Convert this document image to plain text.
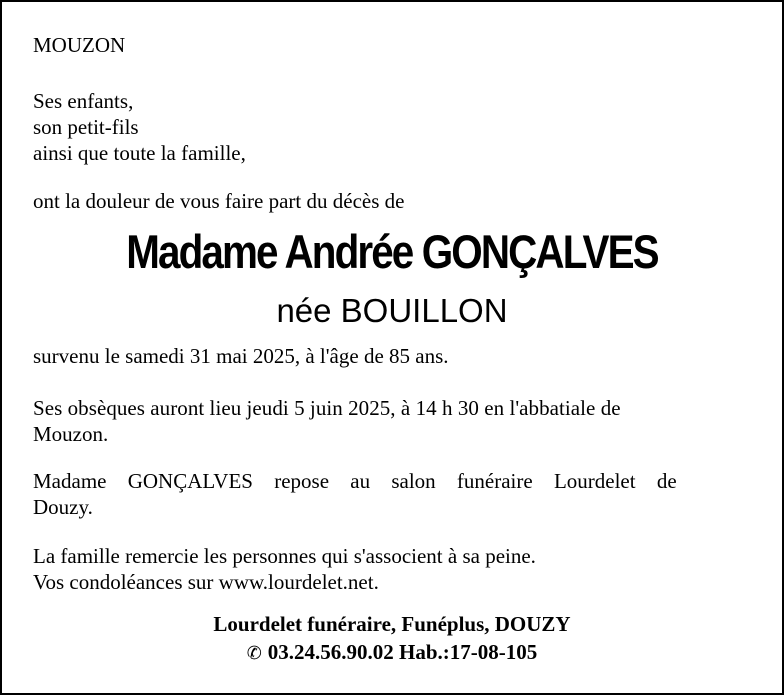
MOUZON
Ses enfants,
son petit-fils
ainsi que toute la famille,
ont la douleur de vous faire part du décès de
Madame Andrée GONÇALVES
née BOUILLON
survenu le samedi 31 mai 2025, à l'âge de 85 ans.
Ses obsèques auront lieu jeudi 5 juin 2025, à 14 h 30 en l'abbatiale de
Mouzon.
Madame GONÇALVES repose au salon funéraire Lourdelet de
Douzy.
La famille remercie les personnes qui s'associent à sa peine.
Vos condoléances sur www.lourdelet.net.
Lourdelet funéraire, Funéplus, DOUZY
✆ 03.24.56.90.02 Hab.:17-08-105
